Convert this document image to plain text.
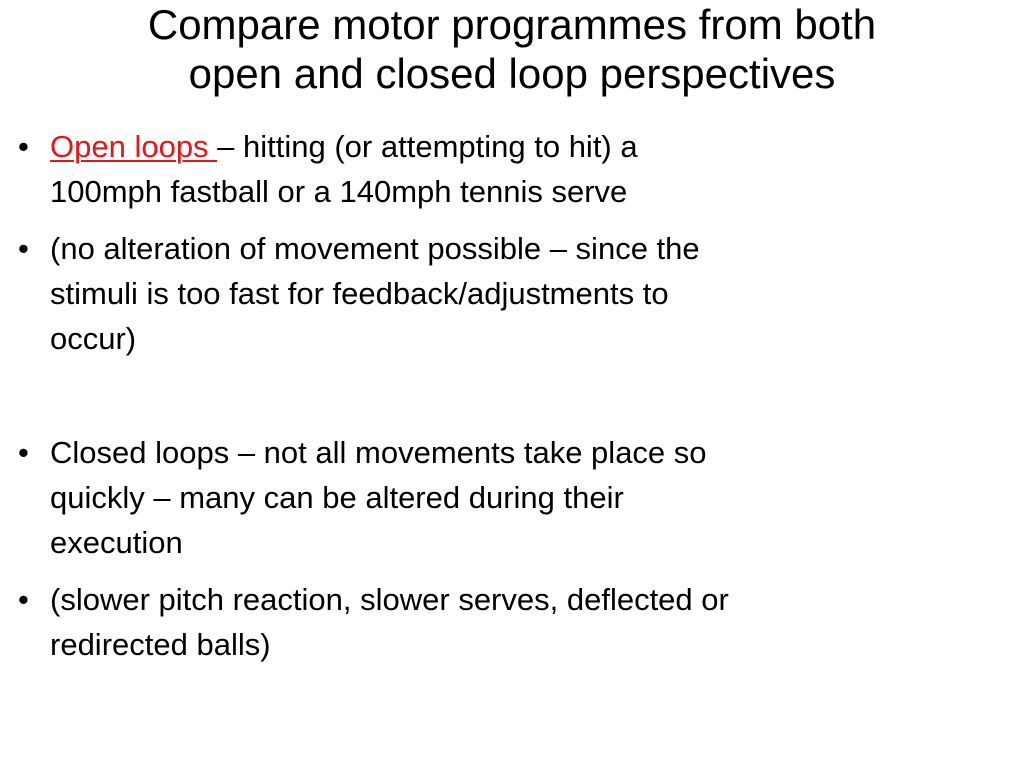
Compare motor programmes from both
open and closed loop perspectives
• Open loops – hitting (or attempting to hit) a
100mph fastball or a 140mph tennis serve
• (no alteration of movement possible – since the
stimuli is too fast for feedback/adjustments to
occur)
• Closed loops – not all movements take place so
quickly – many can be altered during their
execution
• (slower pitch reaction, slower serves, deflected or
redirected balls)
